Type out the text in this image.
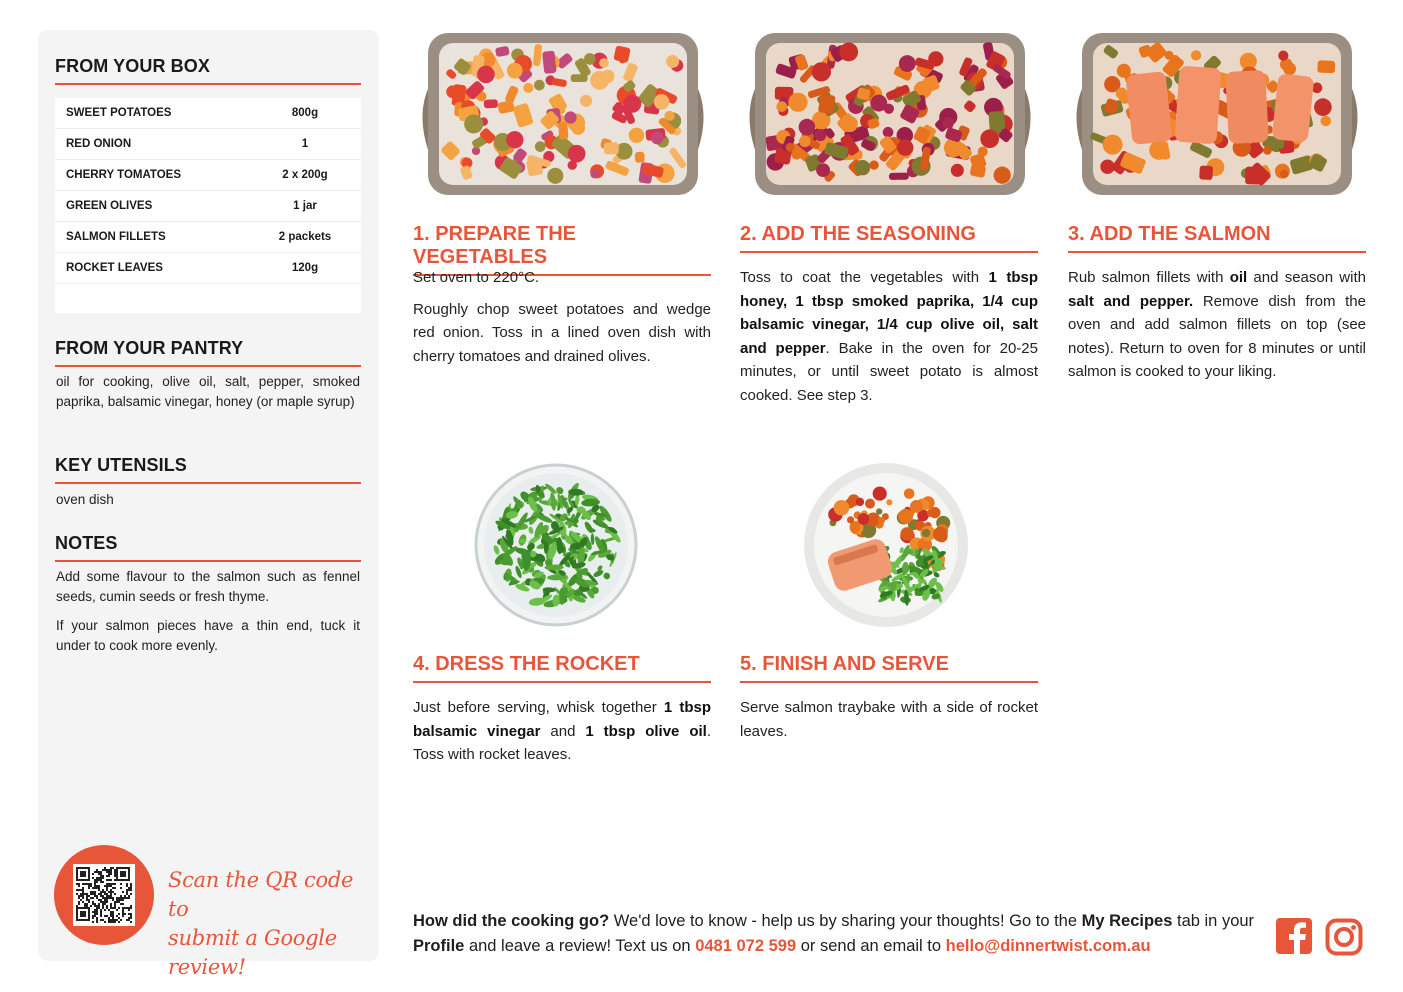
FROM YOUR BOX
SWEET POTATOES	800g
RED ONION	1
CHERRY TOMATOES	2 x 200g
GREEN OLIVES	1 jar
SALMON FILLETS	2 packets
ROCKET LEAVES	120g
FROM YOUR PANTRY
oil for cooking, olive oil, salt, pepper, smoked paprika, balsamic vinegar, honey (or maple syrup)
KEY UTENSILS
oven dish
NOTES
Add some flavour to the salmon such as fennel seeds, cumin seeds or fresh thyme.
If your salmon pieces have a thin end, tuck it under to cook more evenly.
Scan the QR code to
submit a Google review!
1. PREPARE THE VEGETABLES

Set oven to 220°C.

Roughly chop sweet potatoes and wedge red onion. Toss in a lined oven dish with cherry tomatoes and drained olives.

2. ADD THE SEASONING

Toss to coat the vegetables with 1 tbsp honey, 1 tbsp smoked paprika, 1/4 cup balsamic vinegar, 1/4 cup olive oil, salt and pepper. Bake in the oven for 20-25 minutes, or until sweet potato is almost cooked. See step 3.

3. ADD THE SALMON

Rub salmon fillets with oil and season with salt and pepper. Remove dish from the oven and add salmon fillets on top (see notes). Return to oven for 8 minutes or until salmon is cooked to your liking.

4. DRESS THE ROCKET

Just before serving, whisk together 1 tbsp balsamic vinegar and 1 tbsp olive oil. Toss with rocket leaves.

5. FINISH AND SERVE

Serve salmon traybake with a side of rocket leaves.

How did the cooking go? We'd love to know - help us by sharing your thoughts! Go to the My Recipes tab in your Profile and leave a review! Text us on 0481 072 599 or send an email to hello@dinnertwist.com.au
